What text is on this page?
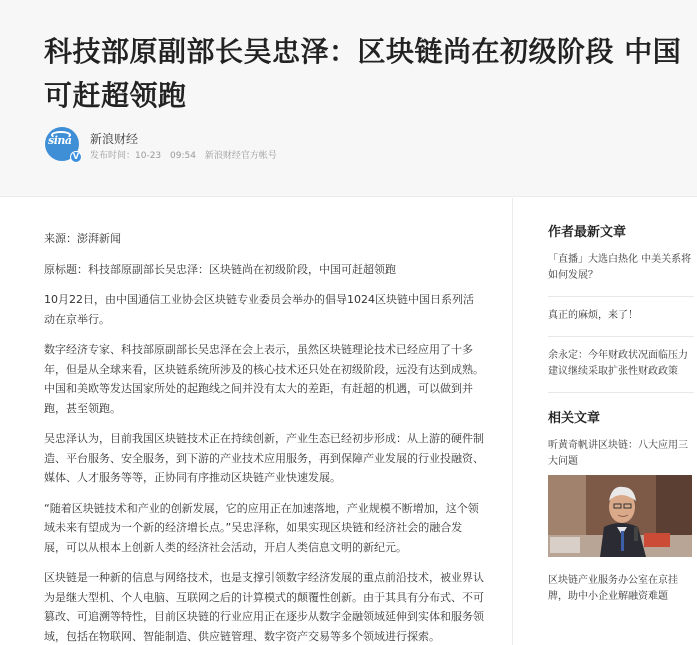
科技部原副部长吴忠泽：区块链尚在初级阶段 中国可赶超领跑
sina
V
新浪财经
发布时间：10-23 09:54 新浪财经官方帐号

来源：澎湃新闻

原标题：科技部原副部长吴忠泽：区块链尚在初级阶段，中国可赶超领跑

10月22日，由中国通信工业协会区块链专业委员会举办的倡导1024区块链中国日系列活动在京举行。

数字经济专家、科技部原副部长吴忠泽在会上表示，虽然区块链理论技术已经应用了十多年，但是从全球来看，区块链系统所涉及的核心技术还只处在初级阶段，远没有达到成熟。中国和美欧等发达国家所处的起跑线之间并没有太大的差距，有赶超的机遇，可以做到并跑，甚至领跑。

吴忠泽认为，目前我国区块链技术正在持续创新，产业生态已经初步形成：从上游的硬件制造、平台服务、安全服务，到下游的产业技术应用服务，再到保障产业发展的行业投融资、媒体、人才服务等等，正协同有序推动区块链产业快速发展。

“随着区块链技术和产业的创新发展，它的应用正在加速落地，产业规模不断增加，这个领域未来有望成为一个新的经济增长点。”吴忠泽称，如果实现区块链和经济社会的融合发展，可以从根本上创新人类的经济社会活动，开启人类信息文明的新纪元。

区块链是一种新的信息与网络技术，也是支撑引领数字经济发展的重点前沿技术，被业界认为是继大型机、个人电脑、互联网之后的计算模式的颠覆性创新。由于其具有分布式、不可篡改、可追溯等特性，目前区块链的行业应用正在逐步从数字金融领域延伸到实体和服务领域，包括在物联网、智能制造、供应链管理、数字资产交易等多个领域进行探索。

作者最新文章
「直播」大选白热化 中美关系将如何发展？
真正的麻烦，来了！
余永定：今年财政状况面临压力 建议继续采取扩张性财政政策
相关文章
听黄奇帆讲区块链：八大应用三大问题
区块链产业服务办公室在京挂牌，助中小企业解融资难题
